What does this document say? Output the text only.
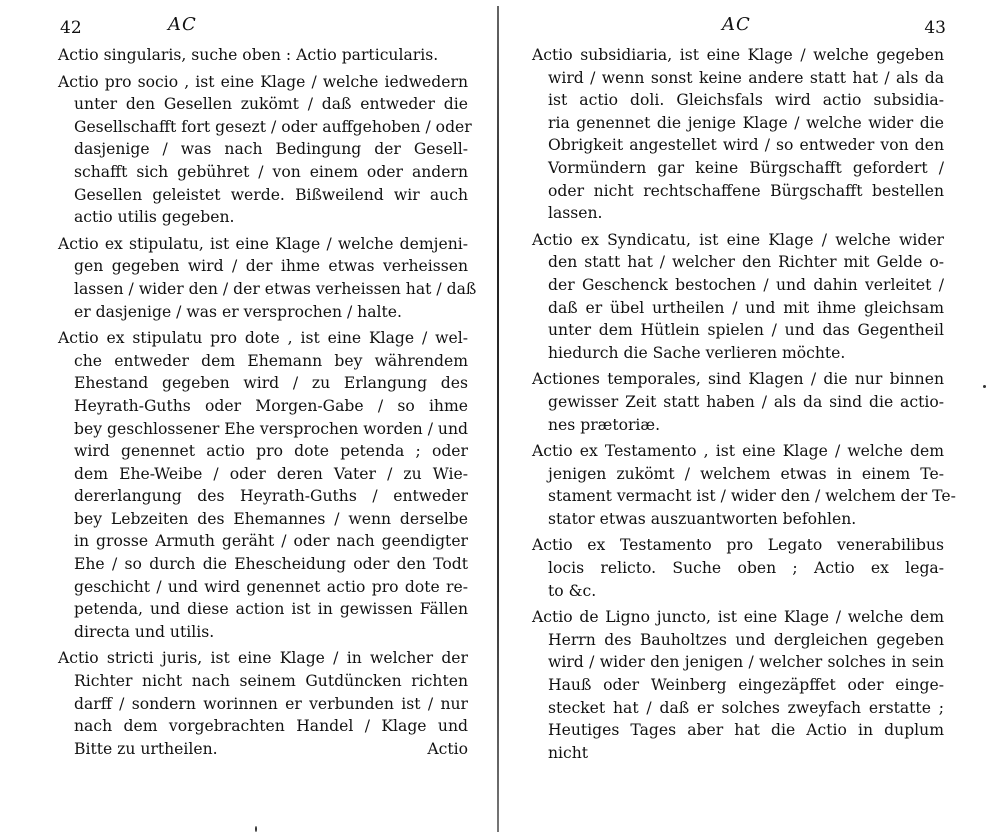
42	AC
Actio singularis, suche oben : Actio particularis.
Actio pro socio , ist eine Klage / welche iedwedern
unter den Gesellen zukömt / daß entweder die
Gesellschafft fort gesezt / oder auffgehoben / oder
dasjenige / was nach Bedingung der Gesell-
schafft sich gebühret / von einem oder andern
Gesellen geleistet werde. Bißweilend wir auch
actio utilis gegeben.
Actio ex stipulatu, ist eine Klage / welche demjeni-
gen gegeben wird / der ihme etwas verheissen
lassen / wider den / der etwas verheissen hat / daß
er dasjenige / was er versprochen / halte.
Actio ex stipulatu pro dote , ist eine Klage / wel-
che entweder dem Ehemann bey währendem
Ehestand gegeben wird / zu Erlangung des
Heyrath-Guths oder Morgen-Gabe / so ihme
bey geschlossener Ehe versprochen worden / und
wird genennet actio pro dote petenda ; oder
dem Ehe-Weibe / oder deren Vater / zu Wie-
dererlangung des Heyrath-Guths / entweder
bey Lebzeiten des Ehemannes / wenn derselbe
in grosse Armuth geräht / oder nach geendigter
Ehe / so durch die Ehescheidung oder den Todt
geschicht / und wird genennet actio pro dote re-
petenda, und diese action ist in gewissen Fällen
directa und utilis.
Actio stricti juris, ist eine Klage / in welcher der
Richter nicht nach seinem Gutdüncken richten
darff / sondern worinnen er verbunden ist / nur
nach dem vorgebrachten Handel / Klage und
Bitte zu urtheilen.	Actio
AC	43
Actio subsidiaria, ist eine Klage / welche gegeben
wird / wenn sonst keine andere statt hat / als da
ist actio doli. Gleichsfals wird actio subsidia-
ria genennet die jenige Klage / welche wider die
Obrigkeit angestellet wird / so entweder von den
Vormündern gar keine Bürgschafft gefordert /
oder nicht rechtschaffene Bürgschafft bestellen
lassen.
Actio ex Syndicatu, ist eine Klage / welche wider
den statt hat / welcher den Richter mit Gelde o-
der Geschenck bestochen / und dahin verleitet /
daß er übel urtheilen / und mit ihme gleichsam
unter dem Hütlein spielen / und das Gegentheil
hiedurch die Sache verlieren möchte.
Actiones temporales, sind Klagen / die nur binnen
gewisser Zeit statt haben / als da sind die actio-
nes prætoriæ.
Actio ex Testamento , ist eine Klage / welche dem
jenigen zukömt / welchem etwas in einem Te-
stament vermacht ist / wider den / welchem der Te-
stator etwas auszuantworten befohlen.
Actio ex Testamento pro Legato venerabilibus
locis relicto. Suche oben ; Actio ex lega-
to &c.
Actio de Ligno juncto, ist eine Klage / welche dem
Herrn des Bauholtzes und dergleichen gegeben
wird / wider den jenigen / welcher solches in sein
Hauß oder Weinberg eingezäpffet oder einge-
stecket hat / daß er solches zweyfach erstatte ;
Heutiges Tages aber hat die Actio in duplum
nicht
